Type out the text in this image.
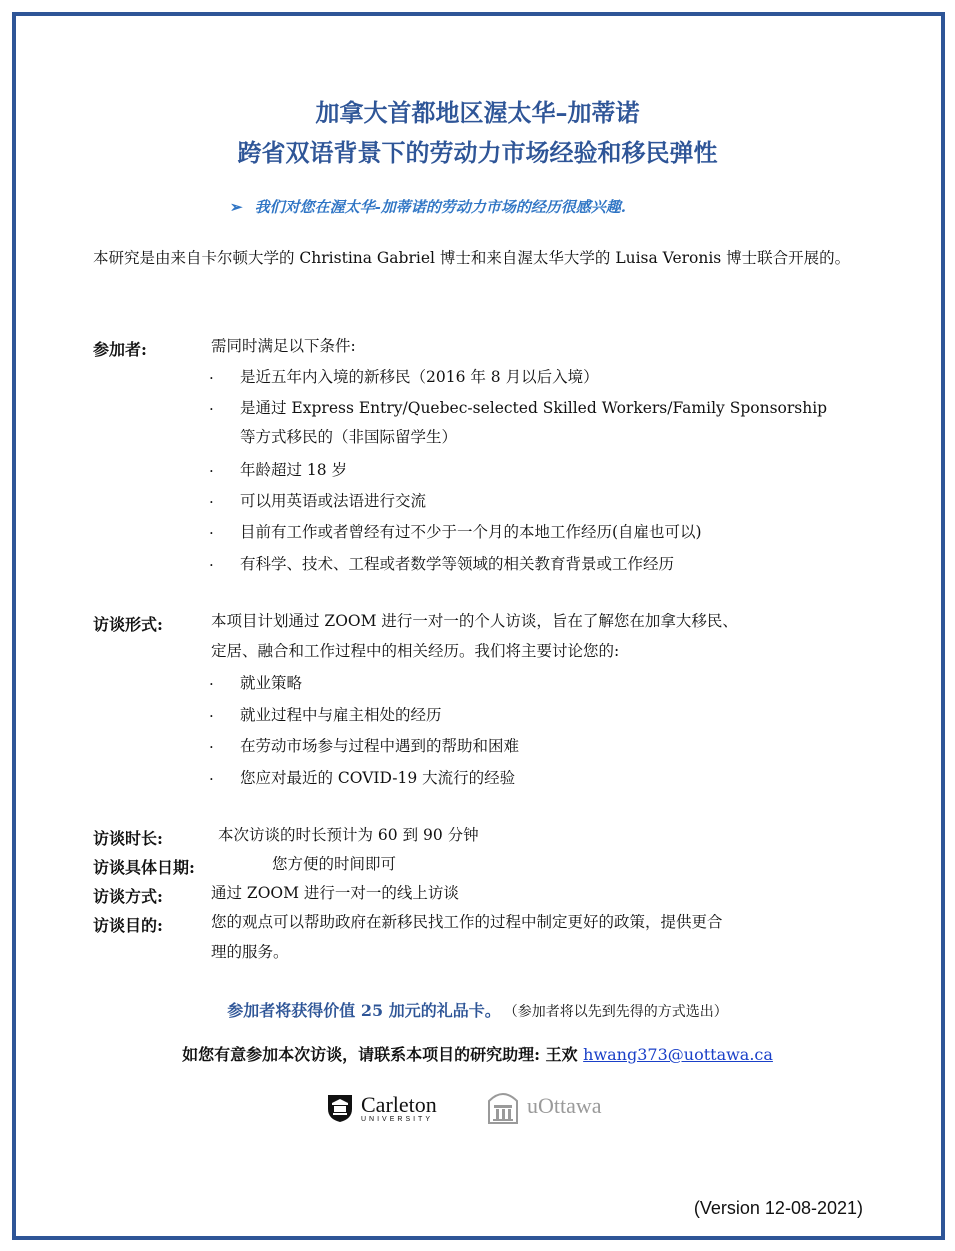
加拿大首都地区渥太华–加蒂诺
跨省双语背景下的劳动力市场经验和移民弹性
➢ 我们对您在渥太华-加蒂诺的劳动力市场的经历很感兴趣.
本研究是由来自卡尔顿大学的 Christina Gabriel 博士和来自渥太华大学的 Luisa Veronis 博士联合开展的。
参加者:	需同时满足以下条件:
· 是近五年内入境的新移民（2016 年 8 月以后入境）
· 是通过 Express Entry/Quebec-selected Skilled Workers/Family Sponsorship
等方式移民的（非国际留学生）
· 年龄超过 18 岁
· 可以用英语或法语进行交流
· 目前有工作或者曾经有过不少于一个月的本地工作经历(自雇也可以)
· 有科学、技术、工程或者数学等领域的相关教育背景或工作经历
访谈形式:	本项目计划通过 ZOOM 进行一对一的个人访谈，旨在了解您在加拿大移民、
定居、融合和工作过程中的相关经历。我们将主要讨论您的:
· 就业策略
· 就业过程中与雇主相处的经历
· 在劳动市场参与过程中遇到的帮助和困难
· 您应对最近的 COVID-19 大流行的经验
访谈时长:	本次访谈的时长预计为 60 到 90 分钟
访谈具体日期:	您方便的时间即可
访谈方式:	通过 ZOOM 进行一对一的线上访谈
访谈目的:	您的观点可以帮助政府在新移民找工作的过程中制定更好的政策，提供更合
理的服务。
参加者将获得价值 25 加元的礼品卡。 （参加者将以先到先得的方式选出）
如您有意参加本次访谈，请联系本项目的研究助理: 王欢 hwang373@uottawa.ca
Carleton
UNIVERSITY
uOttawa
(Version 12-08-2021)
